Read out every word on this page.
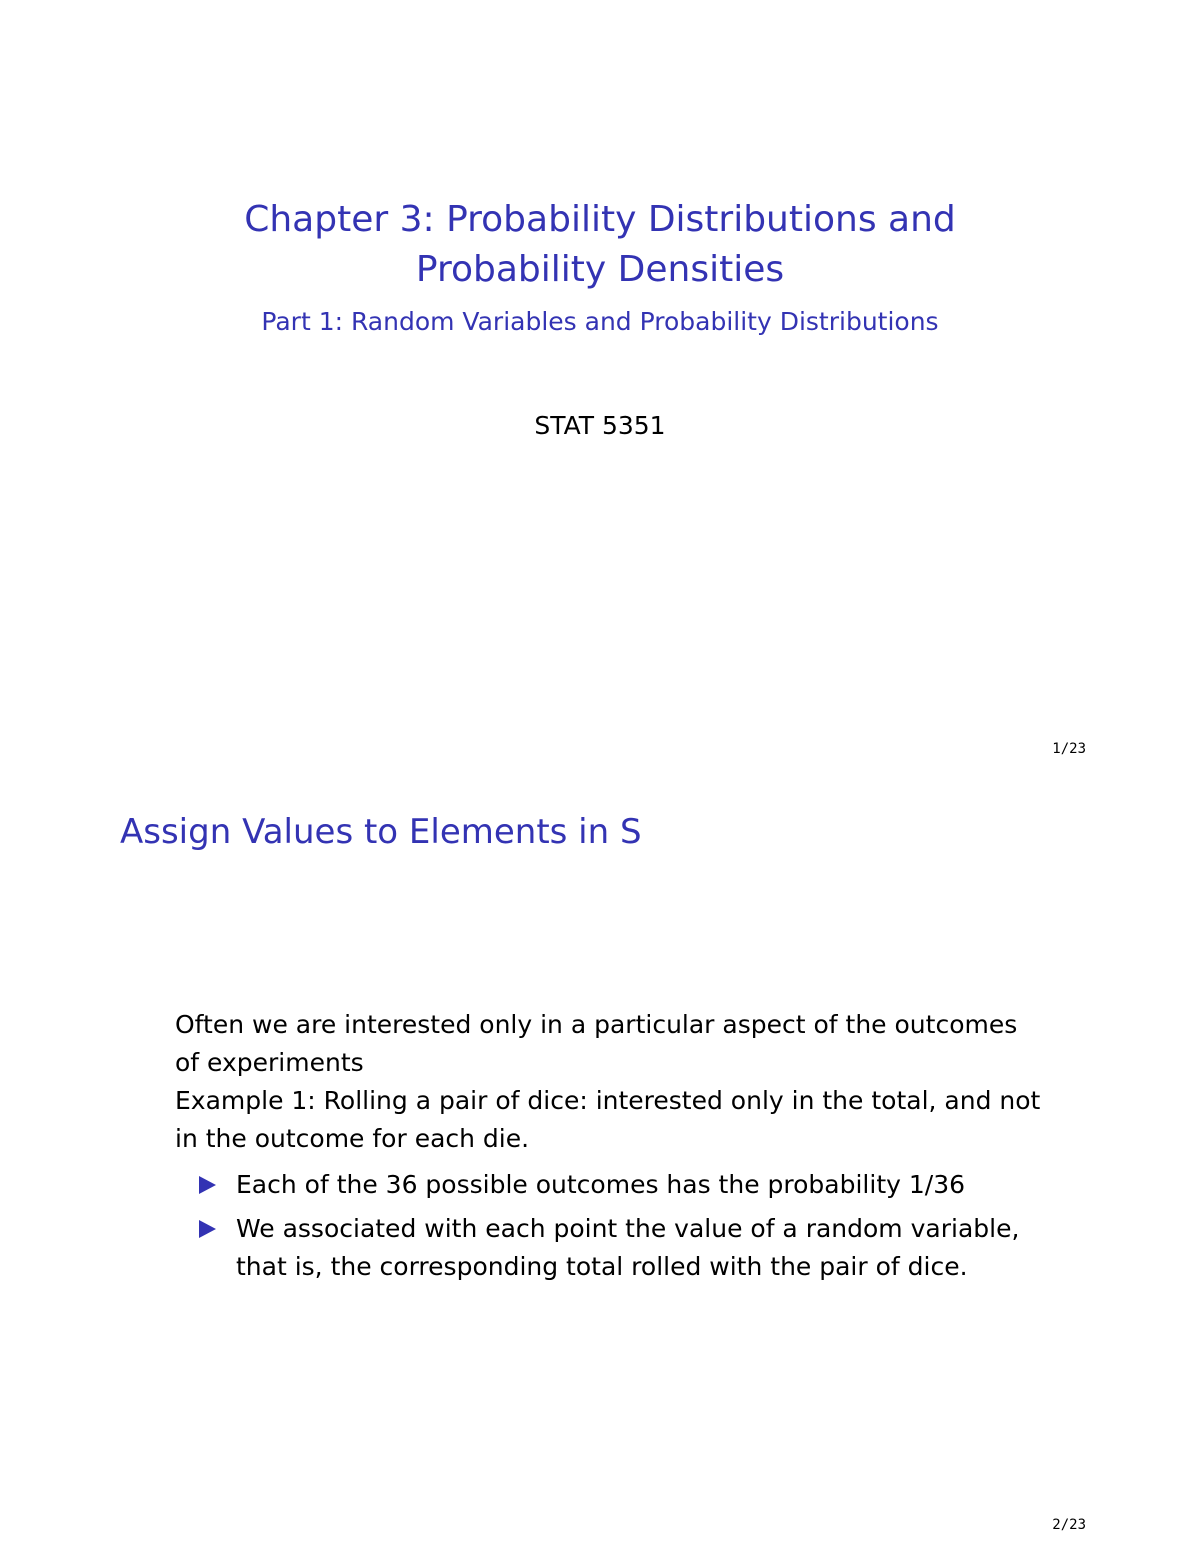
Chapter 3: Probability Distributions and
Probability Densities

Part 1: Random Variables and Probability Distributions

STAT 5351
1/23
Assign Values to Elements in S

Often we are interested only in a particular aspect of the outcomes of experiments

Example 1: Rolling a pair of dice: interested only in the total, and not in the outcome for each die.

Each of the 36 possible outcomes has the probability 1/36
We associated with each point the value of a random variable, that is, the corresponding total rolled with the pair of dice.
2/23
